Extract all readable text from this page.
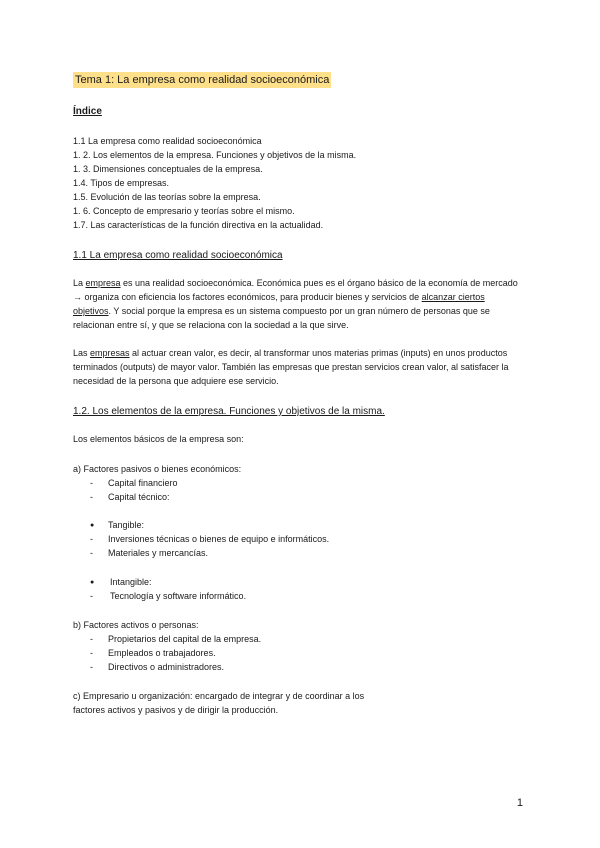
Tema 1: La empresa como realidad socioeconómica
Índice
1.1 La empresa como realidad socioeconómica
1. 2. Los elementos de la empresa. Funciones y objetivos de la misma.
1. 3. Dimensiones conceptuales de la empresa.
1.4. Tipos de empresas.
1.5. Evolución de las teorías sobre la empresa.
1. 6. Concepto de empresario y teorías sobre el mismo.
1.7. Las características de la función directiva en la actualidad.
1.1 La empresa como realidad socioeconómica
La empresa es una realidad socioeconómica. Económica pues es el órgano básico de la economía de mercado
→ organiza con eficiencia los factores económicos, para producir bienes y servicios de alcanzar ciertos
objetivos. Y social porque la empresa es un sistema compuesto por un gran número de personas que se
relacionan entre sí, y que se relaciona con la sociedad a la que sirve.
Las empresas al actuar crean valor, es decir, al transformar unos materias primas (inputs) en unos productos
terminados (outputs) de mayor valor. También las empresas que prestan servicios crean valor, al satisfacer la
necesidad de la persona que adquiere ese servicio.
1.2. Los elementos de la empresa. Funciones y objetivos de la misma.
Los elementos básicos de la empresa son:
a) Factores pasivos o bienes económicos:
- Capital financiero
- Capital técnico:
● Tangible:
- Inversiones técnicas o bienes de equipo e informáticos.
- Materiales y mercancías.
● Intangible:
- Tecnología y software informático.
b) Factores activos o personas:
- Propietarios del capital de la empresa.
- Empleados o trabajadores.
- Directivos o administradores.
c) Empresario u organización: encargado de integrar y de coordinar a los
factores activos y pasivos y de dirigir la producción.
1
